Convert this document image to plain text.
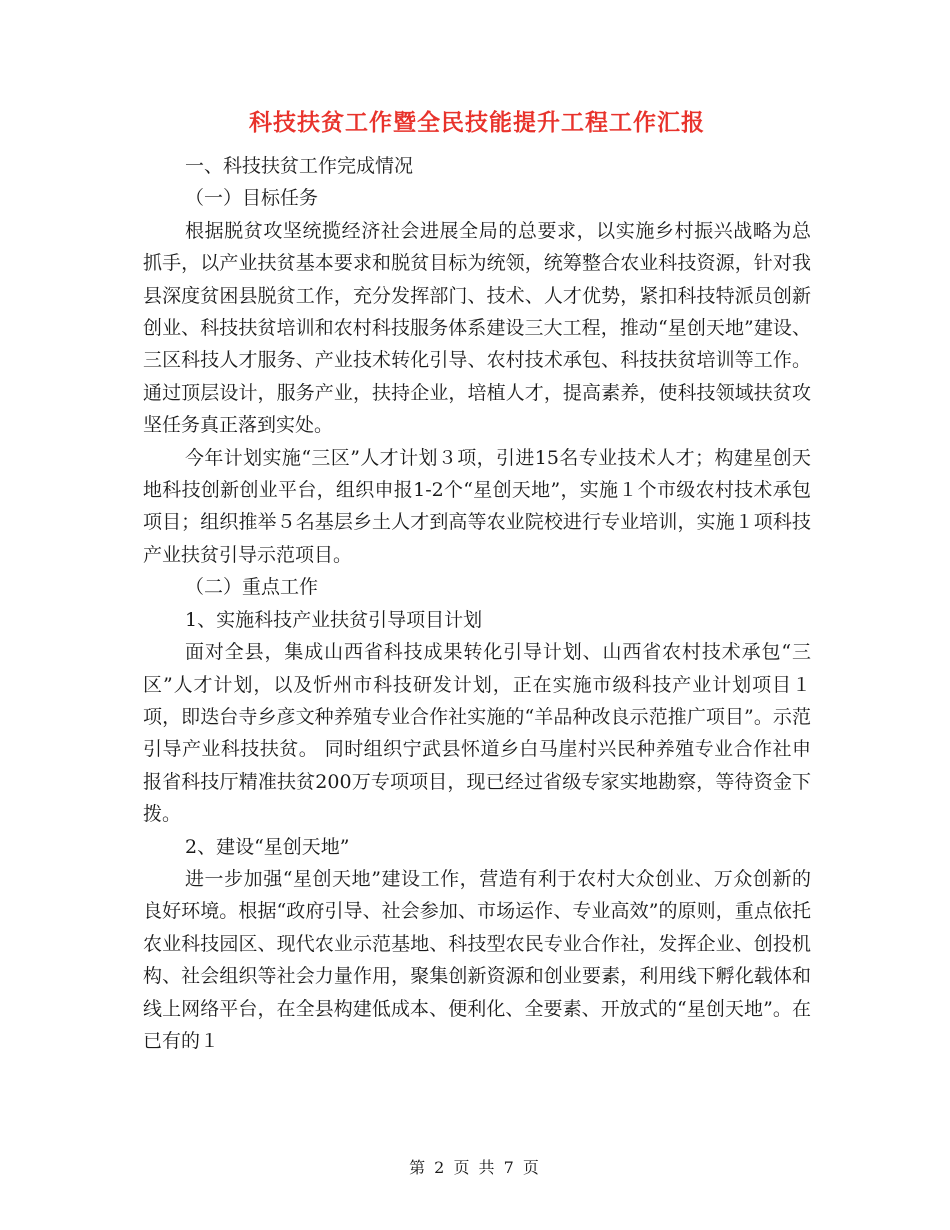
科技扶贫工作暨全民技能提升工程工作汇报

一、科技扶贫工作完成情况

（一）目标任务

根据脱贫攻坚统揽经济社会进展全局的总要求，以实施乡村振兴战略为总抓手，以产业扶贫基本要求和脱贫目标为统领，统筹整合农业科技资源，针对我县深度贫困县脱贫工作，充分发挥部门、技术、人才优势，紧扣科技特派员创新创业、科技扶贫培训和农村科技服务体系建设三大工程，推动“星创天地”建设、三区科技人才服务、产业技术转化引导、农村技术承包、科技扶贫培训等工作。通过顶层设计，服务产业，扶持企业，培植人才，提高素养，使科技领域扶贫攻坚任务真正落到实处。

今年计划实施“三区”人才计划３项，引进15名专业技术人才；构建星创天地科技创新创业平台，组织申报1-2个“星创天地”，实施１个市级农村技术承包项目；组织推举５名基层乡土人才到高等农业院校进行专业培训，实施１项科技产业扶贫引导示范项目。

（二）重点工作

1、实施科技产业扶贫引导项目计划

面对全县，集成山西省科技成果转化引导计划、山西省农村技术承包“三区”人才计划，以及忻州市科技研发计划，正在实施市级科技产业计划项目１项，即迭台寺乡彦文种养殖专业合作社实施的“羊品种改良示范推广项目”。示范引导产业科技扶贫。 同时组织宁武县怀道乡白马崖村兴民种养殖专业合作社申报省科技厅精准扶贫200万专项项目，现已经过省级专家实地勘察，等待资金下拨。

2、建设“星创天地”

进一步加强“星创天地”建设工作，营造有利于农村大众创业、万众创新的良好环境。根据“政府引导、社会参加、市场运作、专业高效”的原则，重点依托农业科技园区、现代农业示范基地、科技型农民专业合作社，发挥企业、创投机构、社会组织等社会力量作用，聚集创新资源和创业要素，利用线下孵化载体和线上网络平台，在全县构建低成本、便利化、全要素、开放式的“星创天地”。在已有的１

第 2 页 共 7 页
